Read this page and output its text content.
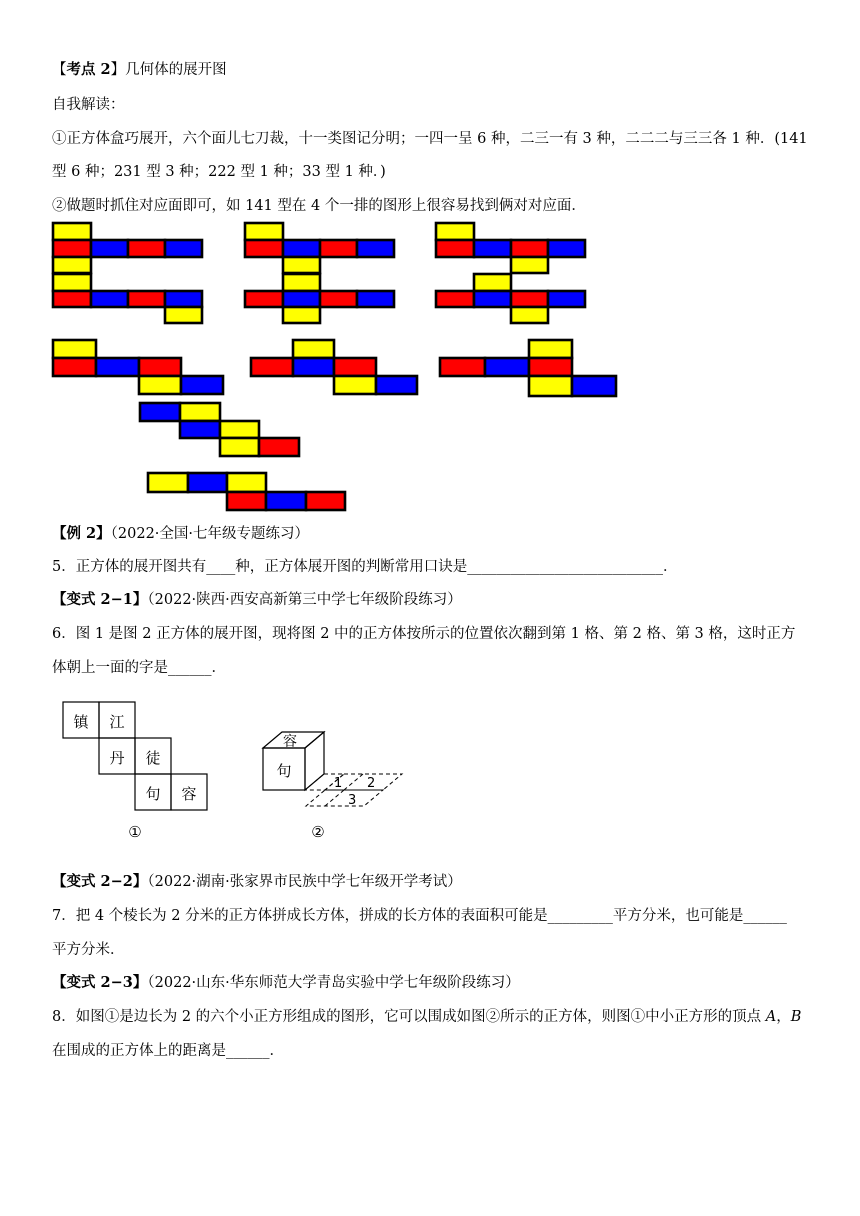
【考点 2】几何体的展开图
自我解读：
①正方体盒巧展开，六个面儿七刀裁，十一类图记分明；一四一呈 6 种，二三一有 3 种，二二二与三三各 1 种．(141
型 6 种；231 型 3 种；222 型 1 种；33 型 1 种．)
②做题时抓住对应面即可，如 141 型在 4 个一排的图形上很容易找到俩对对应面．
【例 2】（2022·全国·七年级专题练习）
5．正方体的展开图共有____种，正方体展开图的判断常用口诀是___________________________．
【变式 2−1】（2022·陕西·西安高新第三中学七年级阶段练习）
6．图 1 是图 2 正方体的展开图，现将图 2 中的正方体按所示的位置依次翻到第 1 格、第 2 格、第 3 格，这时正方
体朝上一面的字是______．
镇 江
丹 徒
句 容
①
容
句
1 2
3
②
【变式 2−2】（2022·湖南·张家界市民族中学七年级开学考试）
7．把 4 个棱长为 2 分米的正方体拼成长方体，拼成的长方体的表面积可能是_________平方分米，也可能是______
平方分米．
【变式 2−3】（2022·山东·华东师范大学青岛实验中学七年级阶段练习）
8．如图①是边长为 2 的六个小正方形组成的图形，它可以围成如图②所示的正方体，则图①中小正方形的顶点 A，B
在围成的正方体上的距离是______．
